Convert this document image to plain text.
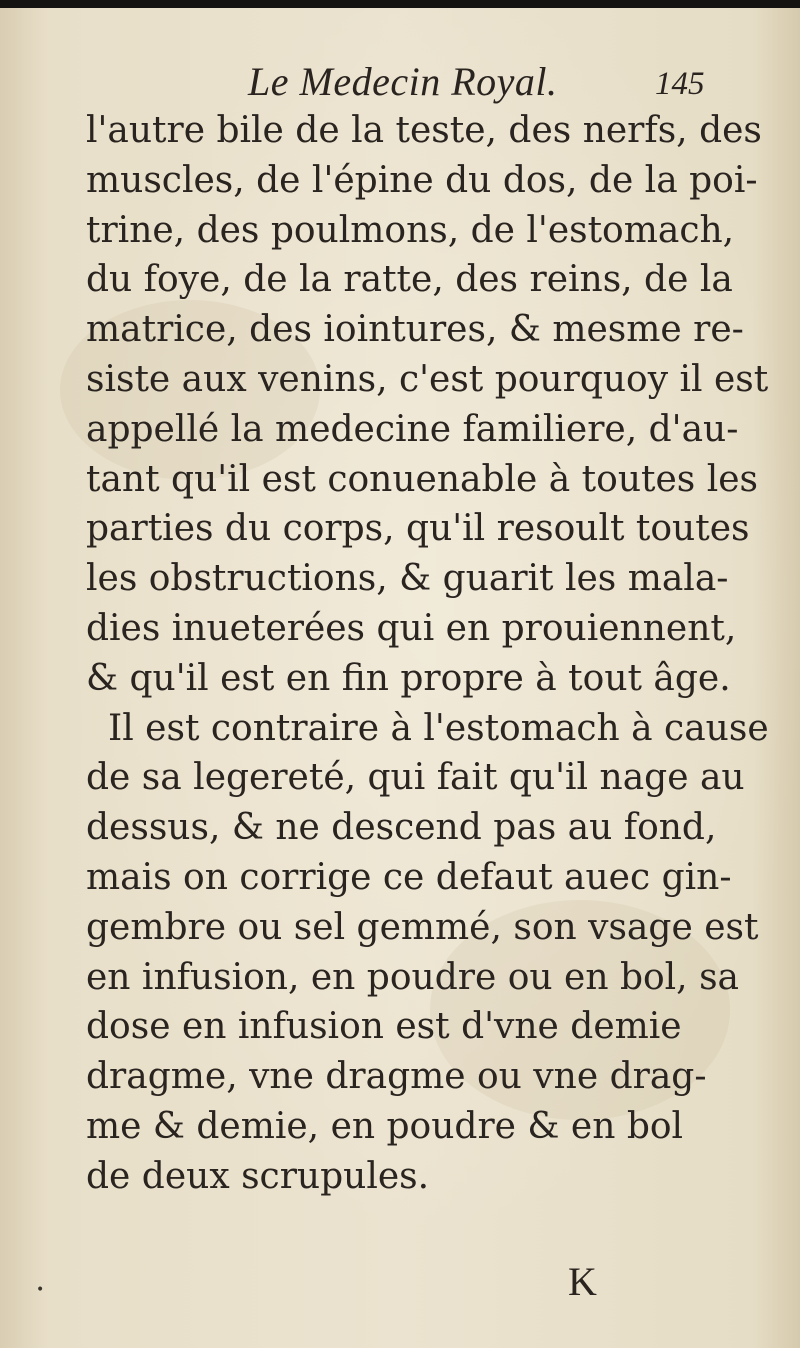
Le Medecin Royal.	145
l'autre bile de la teste, des nerfs, des
muscles, de l'épine du dos, de la poi-
trine, des poulmons, de l'estomach,
du foye, de la ratte, des reins, de la
matrice, des iointures, & mesme re-
siste aux venins, c'est pourquoy il est
appellé la medecine familiere, d'au-
tant qu'il est conuenable à toutes les
parties du corps, qu'il resoult toutes
les obstructions, & guarit les mala-
dies inueterées qui en prouiennent,
& qu'il est en fin propre à tout âge.
Il est contraire à l'estomach à cause
de sa legereté, qui fait qu'il nage au
dessus, & ne descend pas au fond,
mais on corrige ce defaut auec gin-
gembre ou sel gemmé, son vsage est
en infusion, en poudre ou en bol, sa
dose en infusion est d'vne demie
dragme, vne dragme ou vne drag-
me & demie, en poudre & en bol
de deux scrupules.
K
•
